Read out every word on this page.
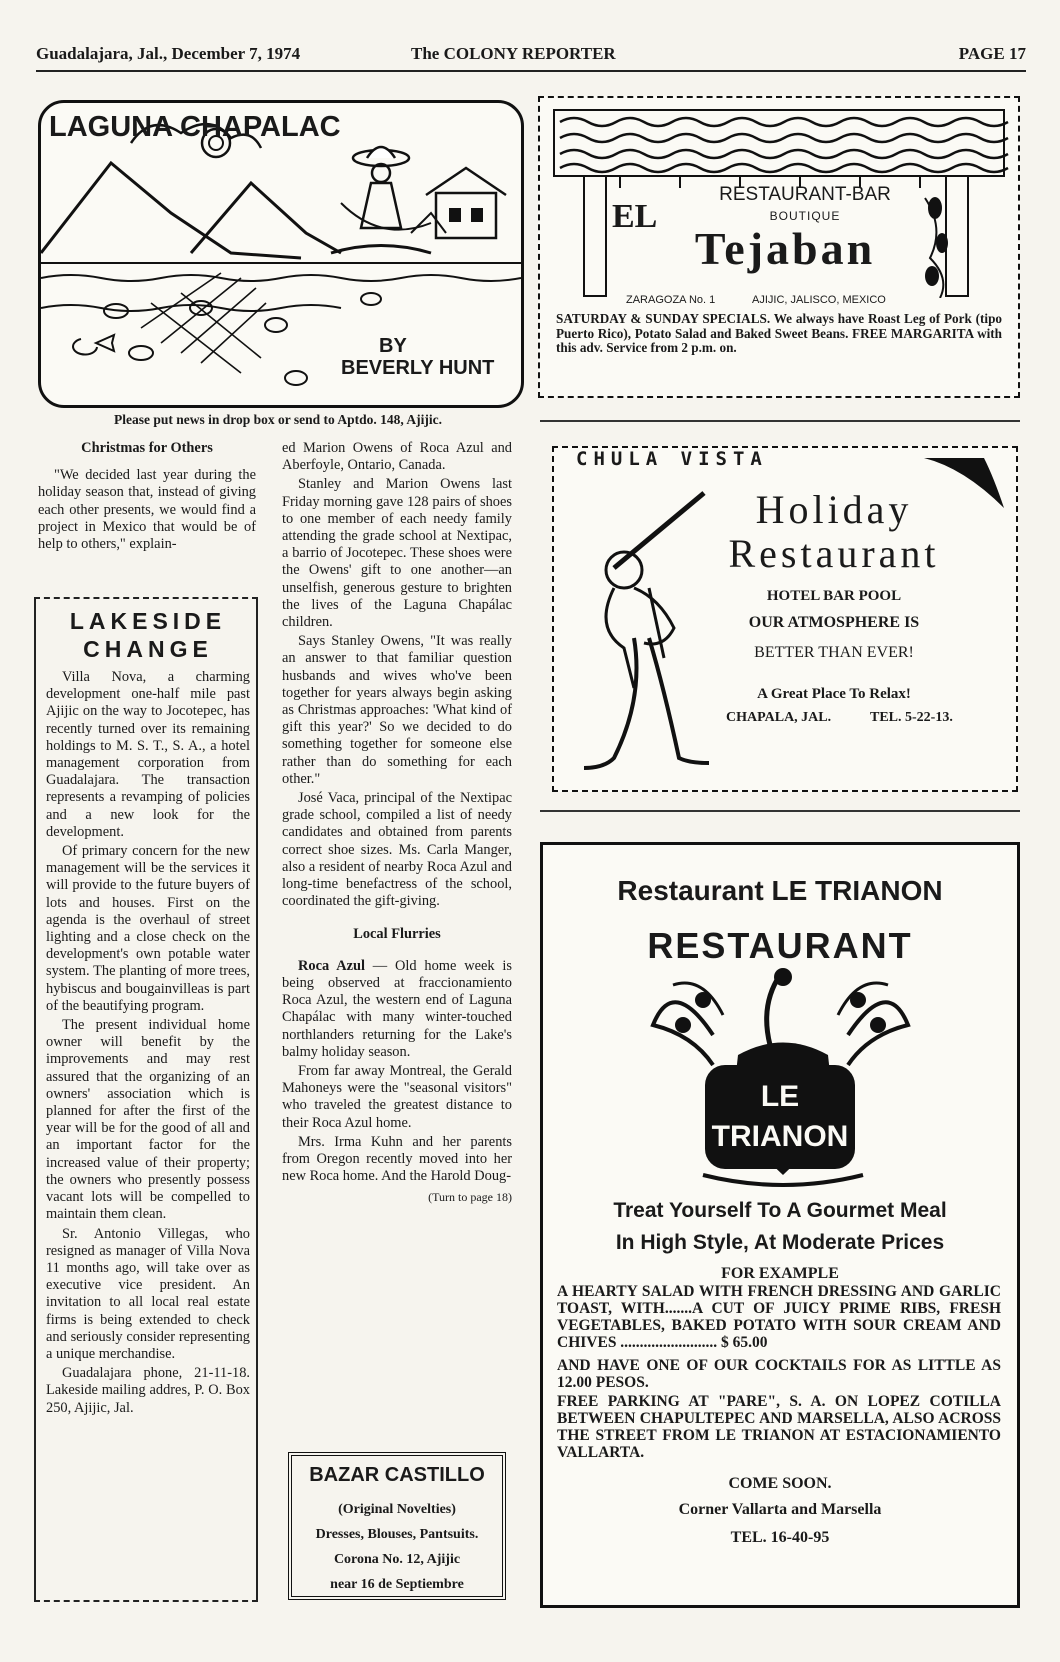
Guadalajara, Jal., December 7, 1974	The COLONY REPORTER	PAGE 17
LAGUNA CHAPALAC
BY
BEVERLY HUNT
Please put news in drop box or send to Aptdo. 148, Ajijic.
Christmas for Others

"We decided last year during the holiday season that, instead of giving each other presents, we would find a project in Mexico that would be of help to others," explain-

LAKESIDE
CHANGE

Villa Nova, a charming development one-half mile past Ajijic on the way to Jocotepec, has recently turned over its remaining holdings to M. S. T., S. A., a hotel management corporation from Guadalajara. The transaction represents a revamping of policies and a new look for the development.

Of primary concern for the new management will be the services it will provide to the future buyers of lots and houses. First on the agenda is the overhaul of street lighting and a close check on the development's own potable water system. The planting of more trees, hybiscus and bougainvilleas is part of the beautifying program.

The present individual home owner will benefit by the improvements and may rest assured that the organizing of an owners' association which is planned for after the first of the year will be for the good of all and an important factor for the increased value of their property; the owners who presently possess vacant lots will be compelled to maintain them clean.

Sr. Antonio Villegas, who resigned as manager of Villa Nova 11 months ago, will take over as executive vice president. An invitation to all local real estate firms is being extended to check and seriously consider representing a unique merchandise.

Guadalajara phone, 21-11-18. Lakeside mailing addres, P. O. Box 250, Ajijic, Jal.

ed Marion Owens of Roca Azul and Aberfoyle, Ontario, Canada.

Stanley and Marion Owens last Friday morning gave 128 pairs of shoes to one member of each needy family attending the grade school at Nextipac, a barrio of Jocotepec. These shoes were the Owens' gift to one another—an unselfish, generous gesture to brighten the lives of the Laguna Chapálac children.

Says Stanley Owens, "It was really an answer to that familiar question husbands and wives who've been together for years always begin asking as Christmas approaches: 'What kind of gift this year?' So we decided to do something together for someone else rather than do something for each other."

José Vaca, principal of the Nextipac grade school, compiled a list of needy candidates and obtained from parents correct shoe sizes. Ms. Carla Manger, also a resident of nearby Roca Azul and long-time benefactress of the school, coordinated the gift-giving.

Local Flurries

Roca Azul — Old home week is being observed at fraccionamiento Roca Azul, the western end of Laguna Chapálac with many winter-touched northlanders returning for the Lake's balmy holiday season.

From far away Montreal, the Gerald Mahoneys were the "seasonal visitors" who traveled the greatest distance to their Roca Azul home.

Mrs. Irma Kuhn and her parents from Oregon recently moved into her new Roca home. And the Harold Doug-

(Turn to page 18)
BAZAR CASTILLO
(Original Novelties)
Dresses, Blouses, Pantsuits.
Corona No. 12, Ajijic
near 16 de Septiembre
EL
RESTAURANT-BAR
BOUTIQUE
Tejaban
ZARAGOZA No. 1	AJIJIC, JALISCO, MEXICO
SATURDAY & SUNDAY SPECIALS. We always have Roast Leg of Pork (tipo Puerto Rico), Potato Salad and Baked Sweet Beans. FREE MARGARITA with this adv. Service from 2 p.m. on.
CHULA VISTA
Holiday
Restaurant
HOTEL BAR POOL
OUR ATMOSPHERE IS
BETTER THAN EVER!
A Great Place To Relax!
CHAPALA, JAL.	TEL. 5-22-13.
Restaurant LE TRIANON
RESTAURANT
LE
TRIANON
Treat Yourself To A Gourmet Meal
In High Style, At Moderate Prices
FOR EXAMPLE
A HEARTY SALAD WITH FRENCH DRESSING AND GARLIC TOAST, WITH.......A CUT OF JUICY PRIME RIBS, FRESH VEGETABLES, BAKED POTATO WITH SOUR CREAM AND CHIVES ......................... $ 65.00
AND HAVE ONE OF OUR COCKTAILS FOR AS LITTLE AS 12.00 PESOS.
FREE PARKING AT "PARE", S. A. ON LOPEZ COTILLA BETWEEN CHAPULTEPEC AND MARSELLA, ALSO ACROSS THE STREET FROM LE TRIANON AT ESTACIONAMIENTO VALLARTA.
COME SOON.
Corner Vallarta and Marsella
TEL. 16-40-95
